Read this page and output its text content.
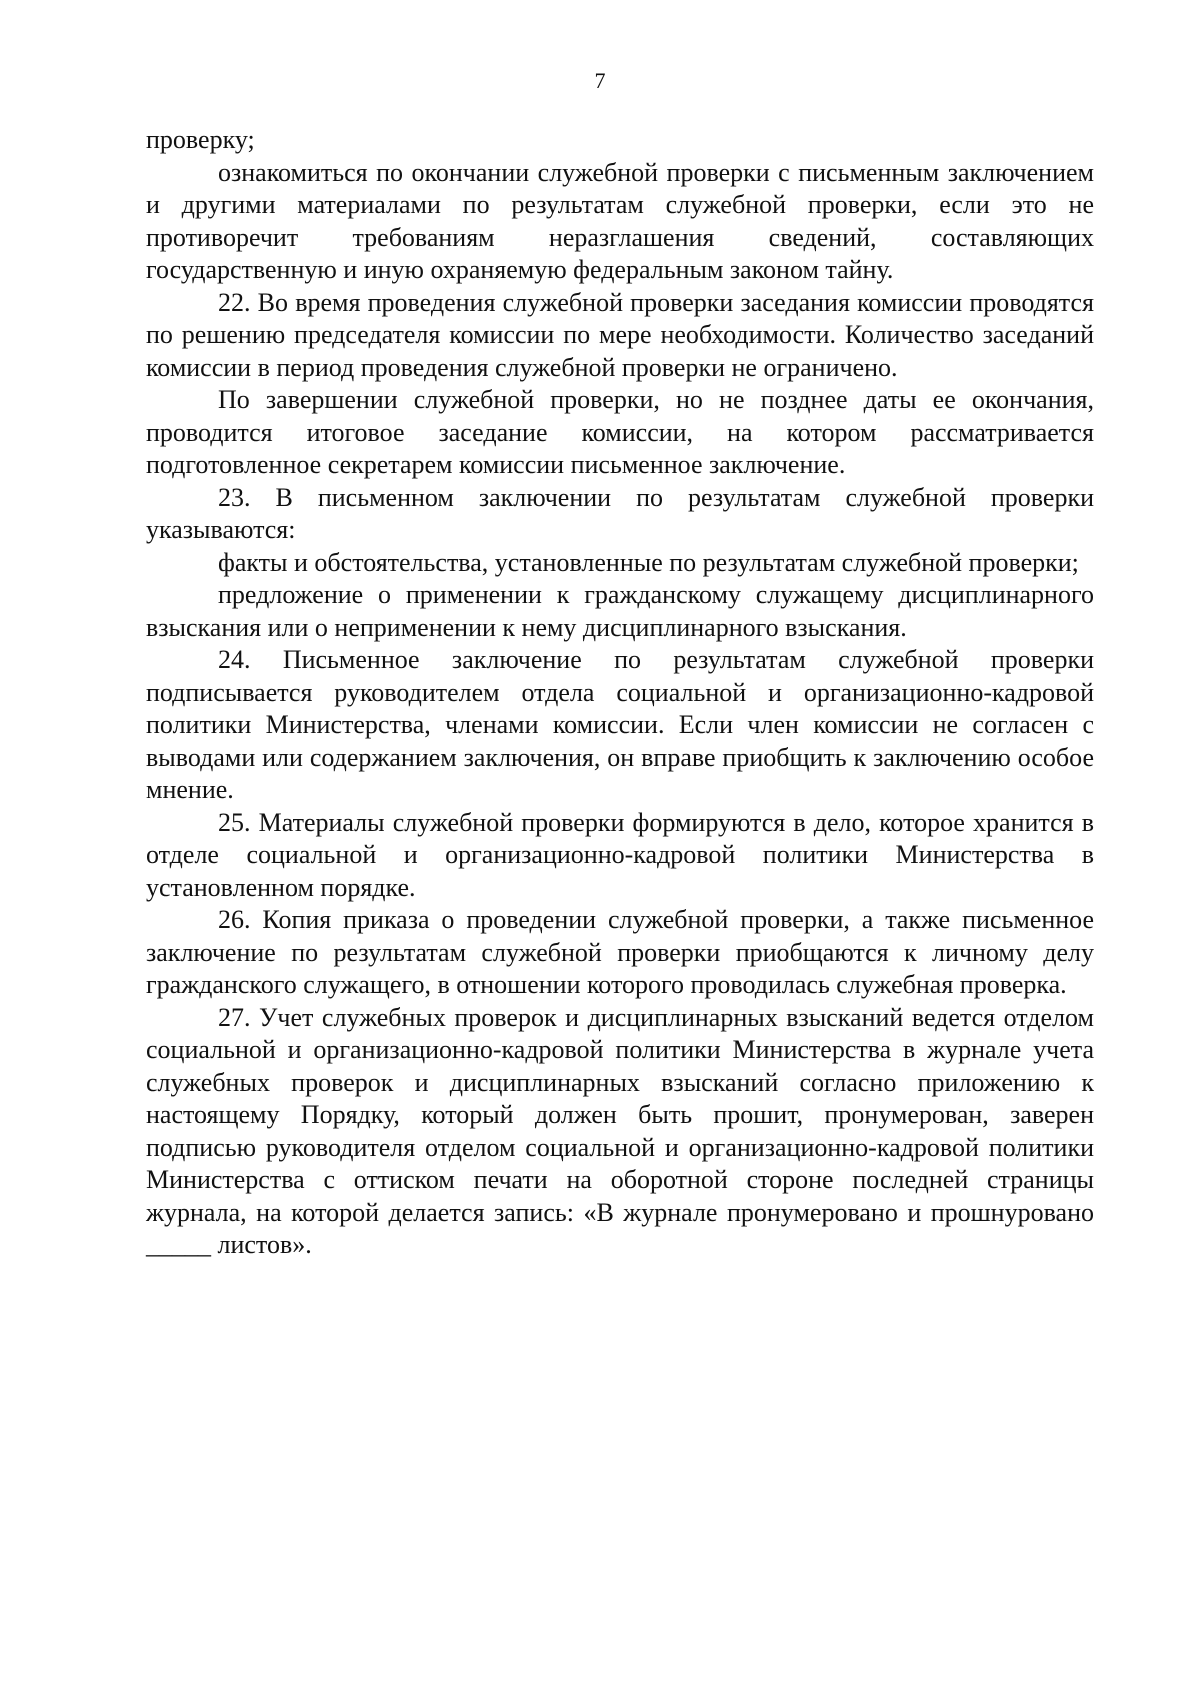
7

проверку;

ознакомиться по окончании служебной проверки с письменным заключением и другими материалами по результатам служебной проверки, если это не противоречит требованиям неразглашения сведений, составляющих государственную и иную охраняемую федеральным законом тайну.

22. Во время проведения служебной проверки заседания комиссии проводятся по решению председателя комиссии по мере необходимости. Количество заседаний комиссии в период проведения служебной проверки не ограничено.

По завершении служебной проверки, но не позднее даты ее окончания, проводится итоговое заседание комиссии, на котором рассматривается подготовленное секретарем комиссии письменное заключение.

23. В письменном заключении по результатам служебной проверки указываются:

факты и обстоятельства, установленные по результатам служебной проверки;

предложение о применении к гражданскому служащему дисциплинарного взыскания или о неприменении к нему дисциплинарного взыскания.

24. Письменное заключение по результатам служебной проверки подписывается руководителем отдела социальной и организационно-кадровой политики Министерства, членами комиссии. Если член комиссии не согласен с выводами или содержанием заключения, он вправе приобщить к заключению особое мнение.

25. Материалы служебной проверки формируются в дело, которое хранится в отделе социальной и организационно-кадровой политики Министерства в установленном порядке.

26. Копия приказа о проведении служебной проверки, а также письменное заключение по результатам служебной проверки приобщаются к личному делу гражданского служащего, в отношении которого проводилась служебная проверка.

27. Учет служебных проверок и дисциплинарных взысканий ведется отделом социальной и организационно-кадровой политики Министерства в журнале учета служебных проверок и дисциплинарных взысканий согласно приложению к настоящему Порядку, который должен быть прошит, пронумерован, заверен подписью руководителя отделом социальной и организационно-кадровой политики Министерства с оттиском печати на оборотной стороне последней страницы журнала, на которой делается запись: «В журнале пронумеровано и прошнуровано _____ листов».
